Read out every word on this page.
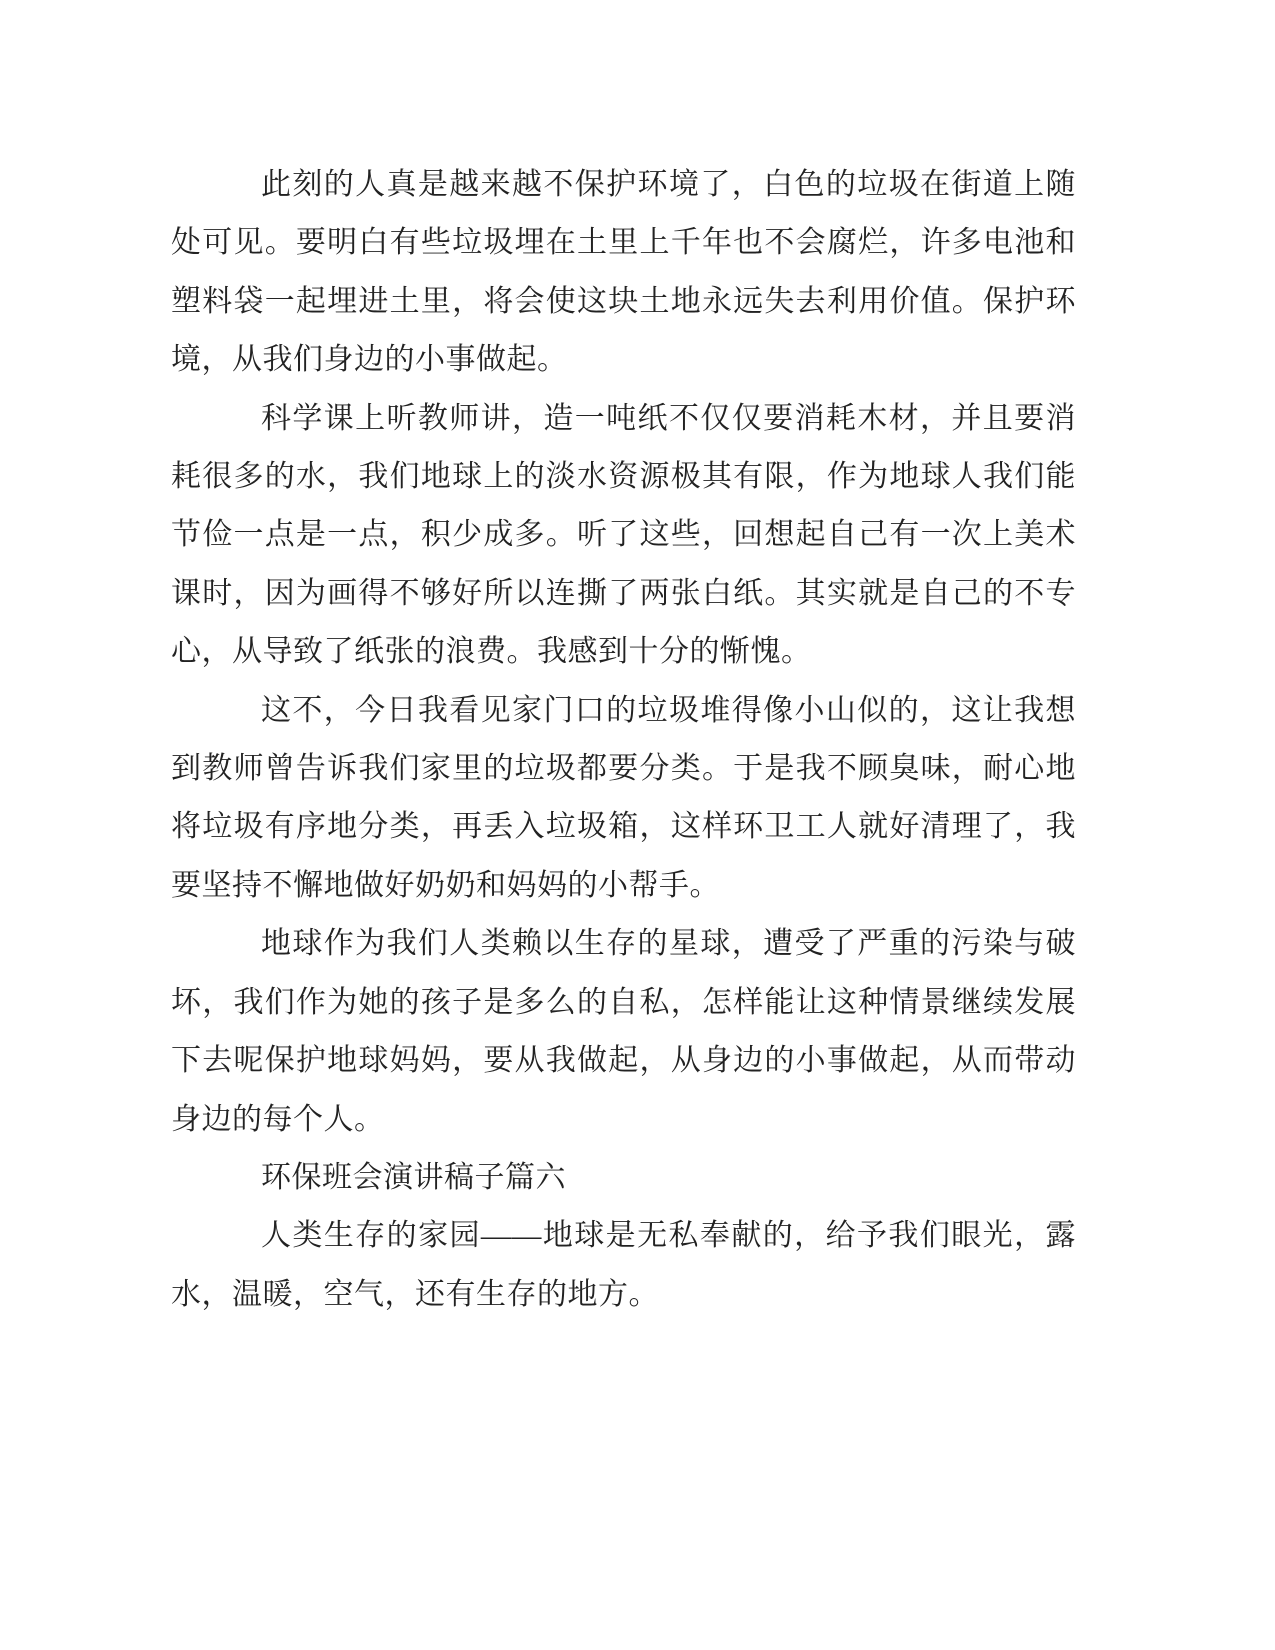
此刻的人真是越来越不保护环境了，白色的垃圾在街道上随处可见。要明白有些垃圾埋在土里上千年也不会腐烂，许多电池和塑料袋一起埋进土里，将会使这块土地永远失去利用价值。保护环境，从我们身边的小事做起。

科学课上听教师讲，造一吨纸不仅仅要消耗木材，并且要消耗很多的水，我们地球上的淡水资源极其有限，作为地球人我们能节俭一点是一点，积少成多。听了这些，回想起自己有一次上美术课时，因为画得不够好所以连撕了两张白纸。其实就是自己的不专心，从导致了纸张的浪费。我感到十分的惭愧。

这不，今日我看见家门口的垃圾堆得像小山似的，这让我想到教师曾告诉我们家里的垃圾都要分类。于是我不顾臭味，耐心地将垃圾有序地分类，再丢入垃圾箱，这样环卫工人就好清理了，我要坚持不懈地做好奶奶和妈妈的小帮手。

地球作为我们人类赖以生存的星球，遭受了严重的污染与破坏，我们作为她的孩子是多么的自私，怎样能让这种情景继续发展下去呢保护地球妈妈，要从我做起，从身边的小事做起，从而带动身边的每个人。

环保班会演讲稿子篇六

人类生存的家园——地球是无私奉献的，给予我们眼光，露水，温暖，空气，还有生存的地方。
